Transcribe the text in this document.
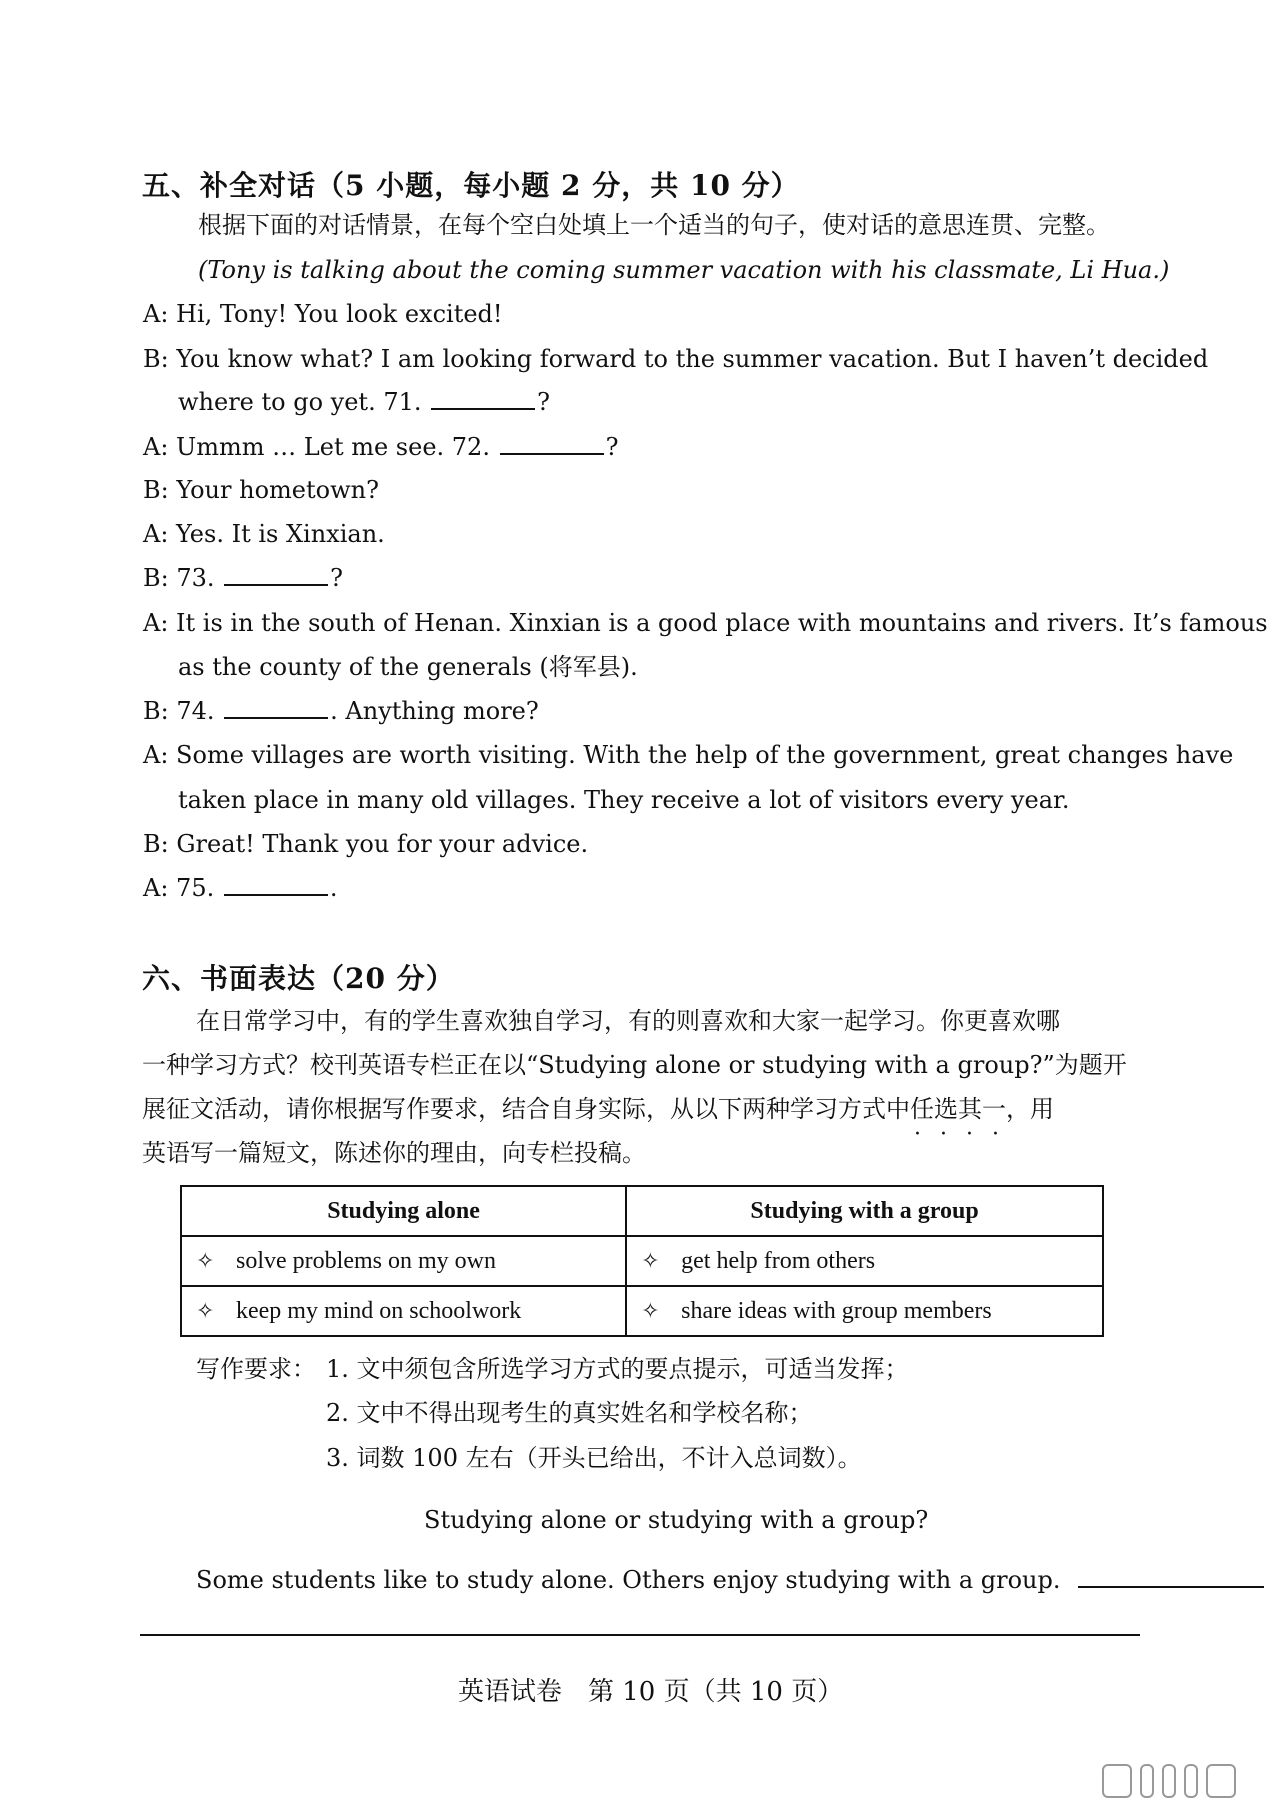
五、补全对话（5 小题，每小题 2 分，共 10 分）
根据下面的对话情景，在每个空白处填上一个适当的句子，使对话的意思连贯、完整。
(Tony is talking about the coming summer vacation with his classmate, Li Hua.)
A: Hi, Tony! You look excited!
B: You know what? I am looking forward to the summer vacation. But I haven’t decided
where to go yet. 71.	?
A: Ummm … Let me see. 72.	?
B: Your hometown?
A: Yes. It is Xinxian.
B: 73.	?
A: It is in the south of Henan. Xinxian is a good place with mountains and rivers. It’s famous
as the county of the generals (将军县).
B: 74.	. Anything more?
A: Some villages are worth visiting. With the help of the government, great changes have
taken place in many old villages. They receive a lot of visitors every year.
B: Great! Thank you for your advice.
A: 75.	.
六、书面表达（20 分）
在日常学习中，有的学生喜欢独自学习，有的则喜欢和大家一起学习。你更喜欢哪
一种学习方式？校刊英语专栏正在以“Studying alone or studying with a group?”为题开
展征文活动，请你根据写作要求，结合自身实际，从以下两种学习方式中任选其一 · · · ·，用
英语写一篇短文，陈述你的理由，向专栏投稿。
Studying alone	Studying with a group
✧ solve problems on my own	✧ get help from others
✧ keep my mind on schoolwork	✧ share ideas with group members
写作要求： 1. 文中须包含所选学习方式的要点提示，可适当发挥；
2. 文中不得出现考生的真实姓名和学校名称；
3. 词数 100 左右（开头已给出，不计入总词数）。
Studying alone or studying with a group?
Some students like to study alone. Others enjoy studying with a group.
英语试卷　第 10 页（共 10 页）
